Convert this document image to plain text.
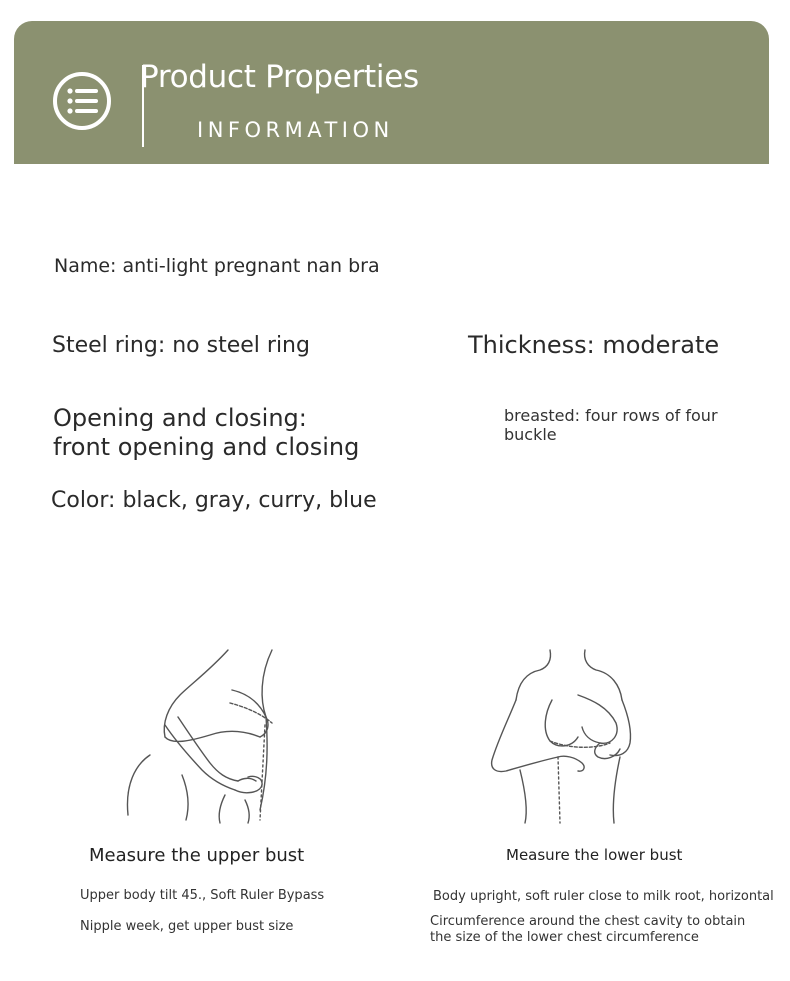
Product Properties
INFORMATION
Name: anti-light pregnant nan bra
Steel ring: no steel ring	Thickness: moderate
Opening and closing:
front opening and closing
breasted: four rows of four buckle
Color: black, gray, curry, blue
Measure the upper bust	Measure the lower bust
Upper body tilt 45., Soft Ruler Bypass
Nipple week, get upper bust size
Body upright, soft ruler close to milk root, horizontal
Circumference around the chest cavity to obtain the size of the lower chest circumference
